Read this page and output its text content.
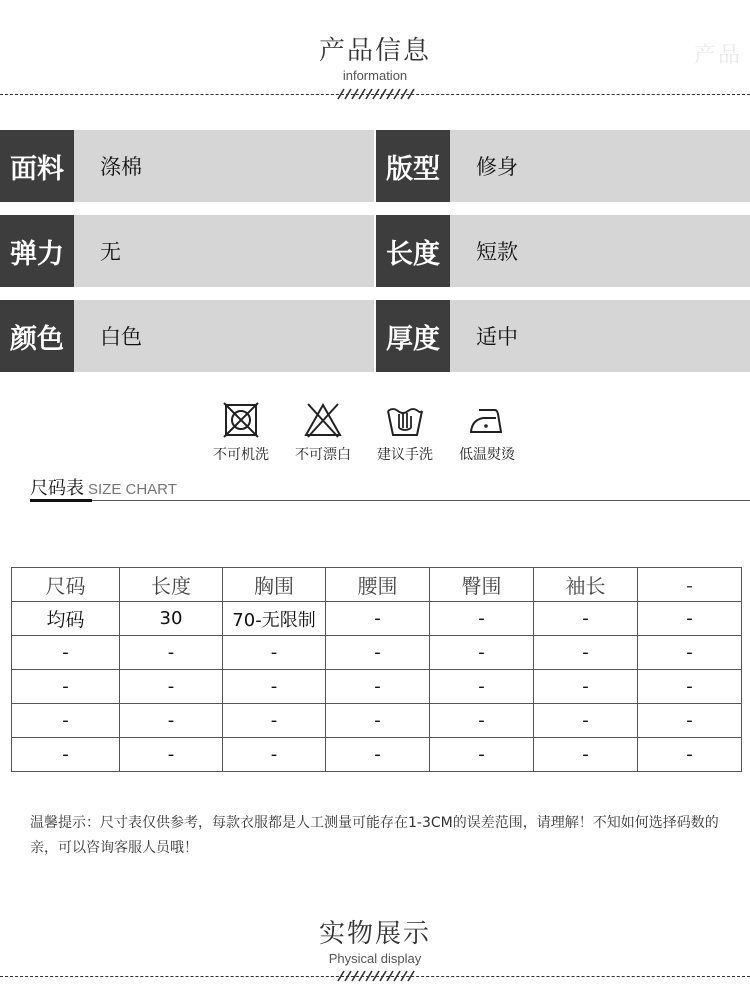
产品
产品信息
information
面料	涤棉	版型	修身
弹力	无	长度	短款
颜色	白色	厚度	适中
不可机洗	不可漂白	建议手洗	低温熨烫
尺码表 SIZE CHART
尺码	长度	胸围	腰围	臀围	袖长	-
均码	30	70-无限制	-	-	-	-
-	-	-	-	-	-	-
-	-	-	-	-	-	-
-	-	-	-	-	-	-
-	-	-	-	-	-	-
温馨提示：尺寸表仅供参考，每款衣服都是人工测量可能存在1-3CM的误差范围，请理解！不知如何选择码数的亲，可以咨询客服人员哦！
实物展示
Physical display
